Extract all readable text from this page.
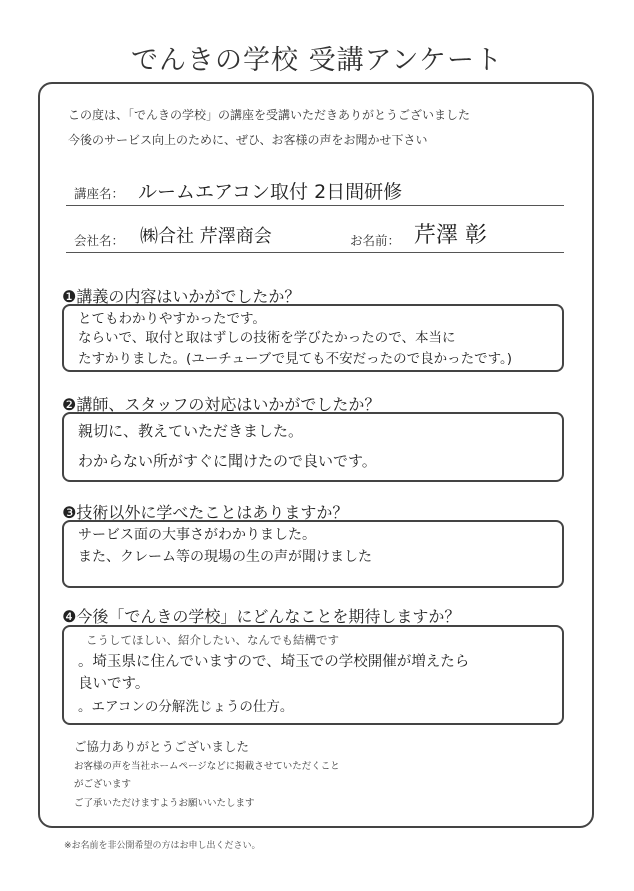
でんきの学校 受講アンケート
この度は、「でんきの学校」の講座を受講いただきありがとうございました
今後のサービス向上のために、ぜひ、お客様の声をお聞かせ下さい
講座名： ルームエアコン取付 2日間研修
会社名： ㈱合社 芹澤商会	お名前： 芹澤 彰
❶講義の内容はいかがでしたか？
とてもわかりやすかったです。
ならいで、取付と取はずしの技術を学びたかったので、本当に
たすかりました。(ユーチューブで見ても不安だったので良かったです。)
❷講師、スタッフの対応はいかがでしたか？
親切に、教えていただきました。
わからない所がすぐに聞けたので良いです。
❸技術以外に学べたことはありますか？
サービス面の大事さがわかりました。
また、クレーム等の現場の生の声が聞けました
❹今後「でんきの学校」にどんなことを期待しますか？
こうしてほしい、紹介したい、なんでも結構です
。埼玉県に住んでいますので、埼玉での学校開催が増えたら
良いです。
。エアコンの分解洗じょうの仕方。
ご協力ありがとうございました
お客様の声を当社ホームページなどに掲載させていただくこと
がございます
ご了承いただけますようお願いいたします
※お名前を非公開希望の方はお申し出ください。
